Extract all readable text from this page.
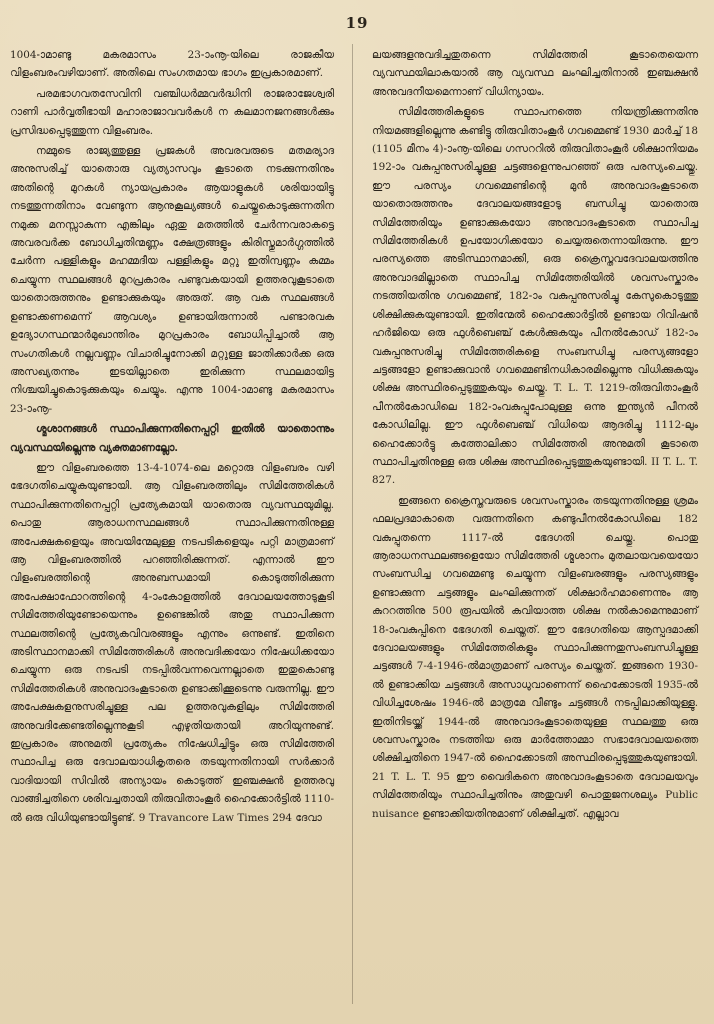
19

1004-ാമാണ്ടു മകരമാസം 23-ാംനൂ-യിലെ രാജകീയ വിളംബരംവഴിയാണ്. അതിലെ സംഗതമായ ഭാഗം ഇപ്രകാരമാണ്.

പരമഭാഗവതസേവിനി വഞ്ചിധർമ്മവർദ്ധിനി രാജരാജേശ്വരി റാണി പാർവ്വതീഭായി മഹാരാജാവവർകൾ ന കലമാനജനങ്ങൾക്കും പ്രസിദ്ധപ്പെടുത്തുന്ന വിളംബരം.

നമ്മുടെ രാജ്യത്തുള്ള പ്രജകൾ അവരവരുടെ മതമര്യാദ അനുസരിച്ച് യാതൊരു വ്യത്യാസവും കൂടാതെ നടക്കുന്നതിനും അതിന്റെ മുറകൾ ന്യായപ്രകാരം ആയാളുകൾ ശരിയായിട്ടു നടത്തുന്നതിനാം വേണ്ടുന്ന ആനുകൂല്യങ്ങൾ ചെയ്തുകൊടുക്കുന്നതിന നമുക്ക മനസ്സാകുന്ന എങ്കിലും ഏതു മതത്തിൽ ചേർന്നവരാകട്ടെ അവരവർക്ക ബോധിച്ചതിന്മണ്ണം ക്ഷേത്രങ്ങളും കിരിസ്തുമാർഗ്ഗത്തിൽ ചേർന്ന പള്ളികളും മഹമ്മദീയ പള്ളികളും മറ്റു ഇതിന്വണ്ണം കമ്മം ചെയ്യുന്ന സ്ഥലങ്ങൾ മുറപ്രകാരം പണ്ടുവകയായി ഉത്തരവുകൂടാതെ യാതൊരുത്തനും ഉണ്ടാക്കുകയും അരുത്. ആ വക സ്ഥലങ്ങൾ ഉണ്ടാക്കണമെന്ന് ആവശ്യം ഉണ്ടായിരുന്നാൽ പണ്ടാരവക ഉദ്യോഗസ്ഥന്മാർമുഖാന്തിരം മുറപ്രകാരം ബോധിപ്പിച്ചാൽ ആ സംഗതികൾ നല്ലവണ്ണം വിചാരിച്ചുനോക്കി മറ്റുള്ള ജാതിക്കാർക്ക ഒരു അസഖ്യതന്നും ഇടയില്ലാതെ ഇരിക്കുന്ന സ്ഥലമായിട്ട നിശ്ചയിച്ചുകൊടുക്കുകയും ചെയ്യും. എന്നു 1004-ാമാണ്ടു മകരമാസം 23-ാംനൂ-

ശ്മശാനങ്ങൾ സ്ഥാപിക്കുന്നതിനെപ്പറ്റി ഇതിൽ യാതൊന്നും വ്യവസ്ഥയില്ലെന്നു വ്യക്തമാണല്ലോ.

ഈ വിളംബരത്തെ 13-4-1074-ലെ മറ്റൊരു വിളംബരം വഴി ഭേദഗതിചെയ്യുകയുണ്ടായി. ആ വിളംബരത്തിലും സിമിത്തേരികൾ സ്ഥാപിക്കുന്നതിനെപ്പറ്റി പ്രത്യേകമായി യാതൊരു വ്യവസ്ഥയുമില്ല. പൊതു ആരാധനസ്ഥലങ്ങൾ സ്ഥാപിക്കുന്നതിനുള്ള അപേക്ഷകളെയും അവയിന്മേലുള്ള നടപടികളെയും പറ്റി മാത്രമാണ് ആ വിളംബരത്തിൽ പറഞ്ഞിരിക്കുന്നത്. എന്നാൽ ഈ വിളംബരത്തിന്റെ അനുബന്ധമായി കൊടുത്തിരിക്കുന്ന അപേക്ഷാഫോറത്തിന്റെ 4-ാംകോളത്തിൽ ദേവാലയത്തോടുകൂടി സിമിത്തേരിയുണ്ടോയെന്നും ഉണ്ടെങ്കിൽ അതു സ്ഥാപിക്കുന്ന സ്ഥലത്തിന്റെ പ്രത്യേകവിവരങ്ങളും എന്നും ഒന്നുണ്ട്. ഇതിനെ അടിസ്ഥാനമാക്കി സിമിത്തേരികൾ അനുവദിക്കയോ നിഷേധിക്കയോ ചെയ്യുന്ന ഒരു നടപടി നടപ്പിൽവന്നവെന്നല്ലാതെ ഇതുകൊണ്ടു സിമിത്തേരികൾ അനുവാദംകൂടാതെ ഉണ്ടാക്കിക്കൂടെന്നു വരുന്നില്ല. ഈ അപേക്ഷകളനുസരിച്ചുള്ള പല ഉത്തരവുകളിലും സിമിത്തേരി അനുവദിക്കേണ്ടതില്ലെന്നുകൂടി എഴുതിയതായി അറിയുന്നുണ്ട്. ഇപ്രകാരം അനുമതി പ്രത്യേകം നിഷേധിച്ചിട്ടും ഒരു സിമിത്തേരി സ്ഥാപിച്ച ഒരു ദേവാലയാധികൃതരെ തടയുന്നതിനായി സർക്കാർ വാദിയായി സിവിൽ അന്യായം കൊടുത്ത് ഇഞ്ചക്ഷൻ ഉത്തരവു വാങ്ങിച്ചതിനെ ശരിവച്ചതായി തിരുവിതാംകൂർ ഹൈക്കോർട്ടിൽ 1110-ൽ ഒരു വിധിയുണ്ടായിട്ടുണ്ട്. 9 Travancore Law Times 294 ദേവാ

ലയങ്ങളനുവദിച്ചതുതന്നെ സിമിത്തേരി കൂടാതെയെന്ന വ്യവസ്ഥയിലാകയാൽ ആ വ്യവസ്ഥ ലംഘിച്ചതിനാൽ ഇഞ്ചക്ഷൻ അനുവദനീയമെന്നാണ് വിധിന്യായം.

സിമിത്തേരികളുടെ സ്ഥാപനത്തെ നിയന്ത്രിക്കുന്നതിനു നിയമങ്ങളില്ലെന്നു കണ്ടിട്ടു തിരുവിതാംകൂർ ഗവമ്മെണ്ട് 1930 മാർച്ച് 18 (1105 മീനം 4)-ാംനൂ-യിലെ ഗസററിൽ തിരുവിതാംകൂർ ശിക്ഷാനിയമം 192-ാം വകുപ്പനുസരിച്ചുള്ള ചട്ടങ്ങളെന്നുപറഞ്ഞ് ഒരു പരസ്യംചെയ്തു. ഈ പരസ്യം ഗവമ്മെണ്ടിന്റെ മുൻ അനുവാദംകൂടാതെ യാതൊരുത്തനും ദേവാലയങ്ങളോടു ബന്ധിച്ചു യാതൊരു സിമിത്തേരിയും ഉണ്ടാക്കുകയോ അനുവാദംകൂടാതെ സ്ഥാപിച്ച സിമിത്തേരികൾ ഉപയോഗിക്കയോ ചെയ്യരുതെന്നായിരുന്നു. ഈ പരസ്യത്തെ അടിസ്ഥാനമാക്കി, ഒരു ക്രൈസ്തവദേവാലയത്തിനു അനുവാദമില്ലാതെ സ്ഥാപിച്ച സിമിത്തേരിയിൽ ശവസംസ്കാരം നടത്തിയതിനു ഗവമ്മെണ്ട്, 182-ാം വകുപ്പനുസരിച്ചു കേസുകൊടുത്തു ശിക്ഷിക്കുകയുണ്ടായി. ഇതിന്മേൽ ഹൈക്കോർട്ടിൽ ഉണ്ടായ റിവിഷൻ ഹർജിയെ ഒരു ഫുൾബെഞ്ച് കേൾക്കുകയും പീനൽകോഡ് 182-ാം വകുപ്പനുസരിച്ചു സിമിത്തേരികളെ സംബന്ധിച്ചു പരസ്യങ്ങളോ ചട്ടങ്ങളോ ഉണ്ടാക്കുവാൻ ഗവമ്മെണ്ടിനധികാരമില്ലെന്നു വിധിക്കുകയും ശിക്ഷ അസ്ഥിരപ്പെടുത്തുകയും ചെയ്തു. T. L. T. 1219-തിരുവിതാംകൂർ പീനൽകോഡിലെ 182-ാംവകുപ്പുപോലുള്ള ഒന്നു ഇന്ത്യൻ പീനൽ കോഡിലില്ല. ഈ ഫുൾബെഞ്ച് വിധിയെ ആദരിച്ചു 1112-ലും ഹൈക്കോർട്ടു കത്തോലിക്കാ സിമിത്തേരി അനുമതി കൂടാതെ സ്ഥാപിച്ചതിനുള്ള ഒരു ശിക്ഷ അസ്ഥിരപ്പെടുത്തുകയുണ്ടായി. II T. L. T. 827.

ഇങ്ങനെ ക്രൈസ്തവരുടെ ശവസംസ്കാരം തടയുന്നതിനുള്ള ശ്രമം ഫലപ്രദമാകാതെ വരുന്നതിനെ കണ്ടുപീനൽകോഡിലെ 182 വകുപ്പുതന്നെ 1117-ൽ ഭേദഗതി ചെയ്തു. പൊതു ആരാധനസ്ഥലങ്ങളെയോ സിമിത്തേരി ശ്മശാനം മുതലായവയെയോ സംബന്ധിച്ച ഗവമ്മെണ്ടു ചെയ്യുന്ന വിളംബരങ്ങളും പരസ്യങ്ങളും ഉണ്ടാക്കുന്ന ചട്ടങ്ങളും ലംഘിക്കുന്നത് ശിക്ഷാർഹമാണെന്നും ആ കുററത്തിനു 500 രൂപയിൽ കവിയാത്ത ശിക്ഷ നൽകാമെന്നുമാണ് 18-ാംവകുപ്പിനെ ഭേദഗതി ചെയ്തത്. ഈ ഭേദഗതിയെ ആസ്പദമാക്കി ദേവാലയങ്ങളും സിമിത്തേരികളും സ്ഥാപിക്കുന്നതുസംബന്ധിച്ചുള്ള ചട്ടങ്ങൾ 7-4-1946-ൽമാത്രമാണ് പരസ്യം ചെയ്തത്. ഇങ്ങനെ 1930-ൽ ഉണ്ടാക്കിയ ചട്ടങ്ങൾ അസാധുവാണെന്ന് ഹൈക്കോടതി 1935-ൽ വിധിച്ചശേഷം 1946-ൽ മാത്രമേ വീണ്ടും ചട്ടങ്ങൾ നടപ്പിലാക്കിയുള്ളു. ഇതിനിടയ്ക്ക് 1944-ൽ അനുവാദംകൂടാതെയുള്ള സ്ഥലത്തു ഒരു ശവസംസ്കാരം നടത്തിയ ഒരു മാർത്തോമ്മാ സഭാദേവാലയത്തെ ശിക്ഷിച്ചതിനെ 1947-ൽ ഹൈക്കോടതി അസ്ഥിരപ്പെടുത്തുകയുണ്ടായി. 21 T. L. T. 95 ഈ വൈദികനെ അനുവാദംകൂടാതെ ദേവാലയവും സിമിത്തേരിയും സ്ഥാപിച്ചതിനും അതുവഴി പൊതുജനശല്യം Public nuisance ഉണ്ടാക്കിയതിനുമാണ് ശിക്ഷിച്ചത്. എല്ലാവ
